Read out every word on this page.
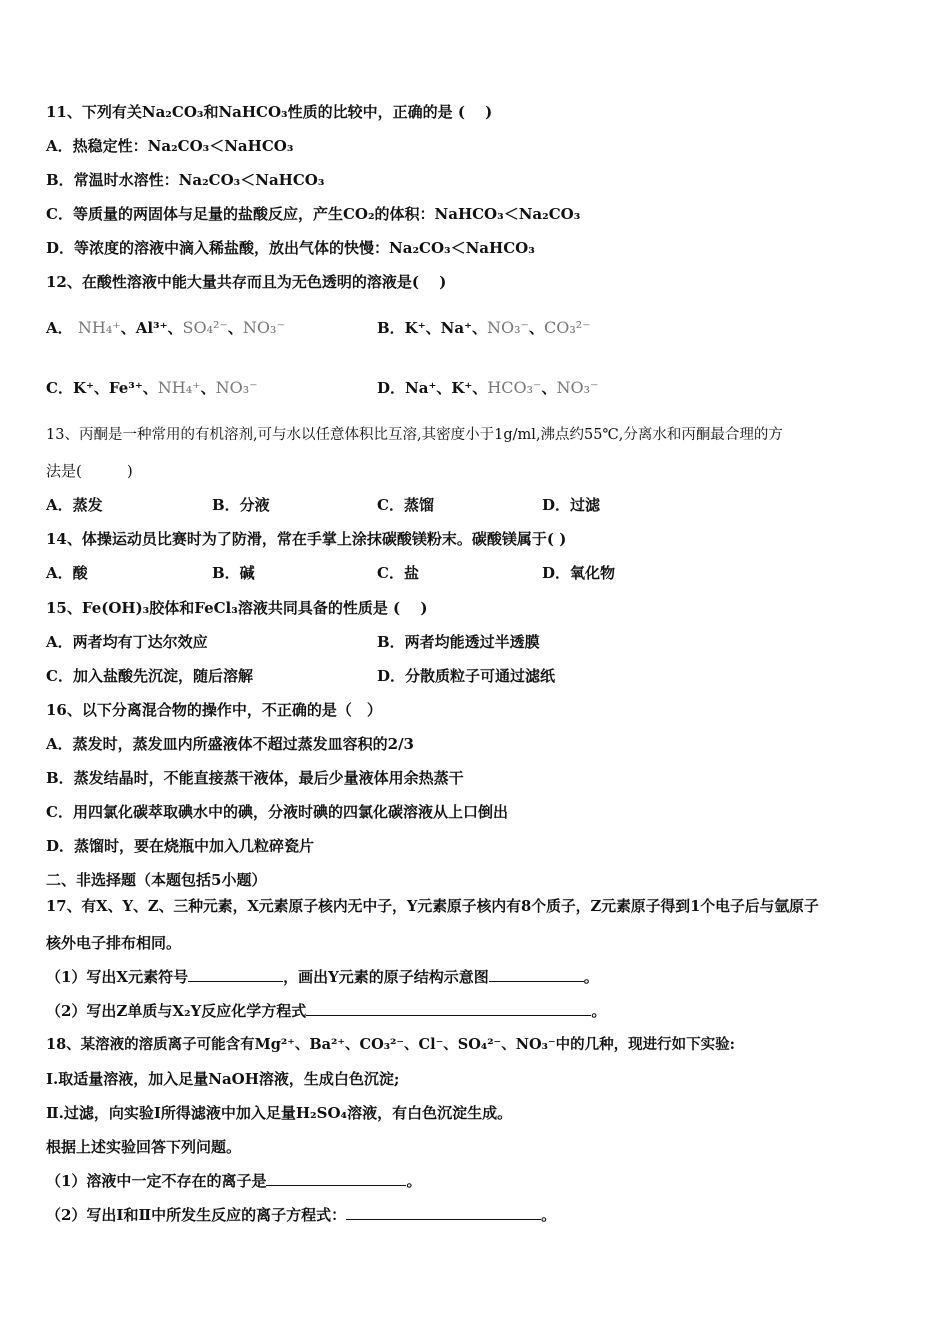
11、下列有关Na₂CO₃和NaHCO₃性质的比较中，正确的是 (　 )
A．热稳定性：Na₂CO₃＜NaHCO₃
B．常温时水溶性：Na₂CO₃＜NaHCO₃
C．等质量的两固体与足量的盐酸反应，产生CO₂的体积：NaHCO₃＜Na₂CO₃
D．等浓度的溶液中滴入稀盐酸，放出气体的快慢：Na₂CO₃＜NaHCO₃
12、在酸性溶液中能大量共存而且为无色透明的溶液是(　 )
A． NH₄⁺、Al³⁺、SO₄²⁻、NO₃⁻	B．K⁺、Na⁺、NO₃⁻、CO₃²⁻
C．K⁺、Fe³⁺、NH₄⁺、NO₃⁻	D．Na⁺、K⁺、HCO₃⁻、NO₃⁻
13、丙酮是一种常用的有机溶剂,可与水以任意体积比互溶,其密度小于1g/ml,沸点约55℃,分离水和丙酮最合理的方
法是(　　　)
A．蒸发	B．分液	C．蒸馏	D．过滤
14、体操运动员比赛时为了防滑，常在手掌上涂抹碳酸镁粉末。碳酸镁属于( )
A．酸	B．碱	C．盐	D．氧化物
15、Fe(OH)₃胶体和FeCl₃溶液共同具备的性质是 (　 )
A．两者均有丁达尔效应	B．两者均能透过半透膜
C．加入盐酸先沉淀，随后溶解	D．分散质粒子可通过滤纸
16、以下分离混合物的操作中，不正确的是（　）
A．蒸发时，蒸发皿内所盛液体不超过蒸发皿容积的2/3
B．蒸发结晶时，不能直接蒸干液体，最后少量液体用余热蒸干
C．用四氯化碳萃取碘水中的碘，分液时碘的四氯化碳溶液从上口倒出
D．蒸馏时，要在烧瓶中加入几粒碎瓷片
二、非选择题（本题包括5小题）
17、有X、Y、Z、三种元素，X元素原子核内无中子，Y元素原子核内有8个质子，Z元素原子得到1个电子后与氩原子
核外电子排布相同。
（1）写出X元素符号	，画出Y元素的原子结构示意图	。
（2）写出Z单质与X₂Y反应化学方程式	。
18、某溶液的溶质离子可能含有Mg²⁺、Ba²⁺、CO₃²⁻、Cl⁻、SO₄²⁻、NO₃⁻中的几种，现进行如下实验:
Ⅰ.取适量溶液，加入足量NaOH溶液，生成白色沉淀;
Ⅱ.过滤，向实验Ⅰ所得滤液中加入足量H₂SO₄溶液，有白色沉淀生成。
根据上述实验回答下列问题。
（1）溶液中一定不存在的离子是	。
（2）写出Ⅰ和Ⅱ中所发生反应的离子方程式：	。
